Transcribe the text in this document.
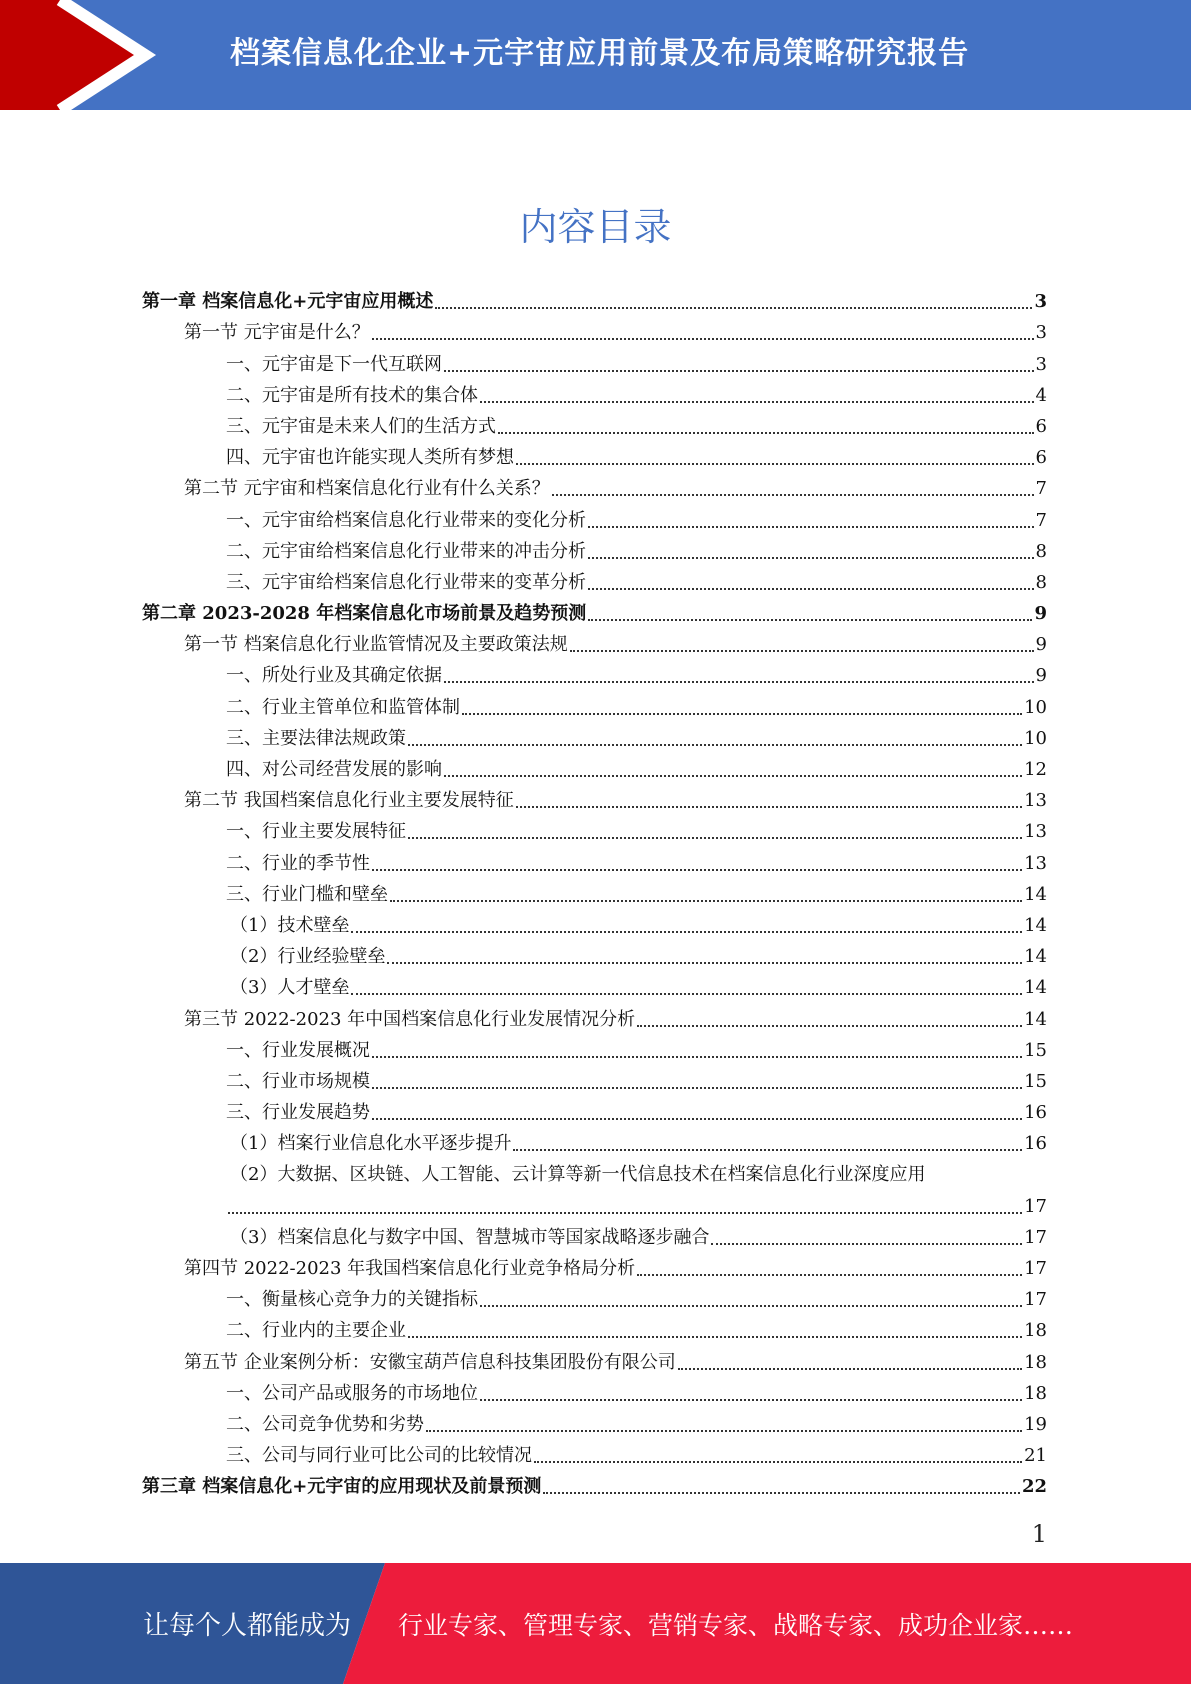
档案信息化企业+元宇宙应用前景及布局策略研究报告
内容目录
第一章 档案信息化+元宇宙应用概述	3
第一节 元宇宙是什么？	3
一、元宇宙是下一代互联网	3
二、元宇宙是所有技术的集合体	4
三、元宇宙是未来人们的生活方式	6
四、元宇宙也许能实现人类所有梦想	6
第二节 元宇宙和档案信息化行业有什么关系？	7
一、元宇宙给档案信息化行业带来的变化分析	7
二、元宇宙给档案信息化行业带来的冲击分析	8
三、元宇宙给档案信息化行业带来的变革分析	8
第二章 2023-2028 年档案信息化市场前景及趋势预测	9
第一节 档案信息化行业监管情况及主要政策法规	9
一、所处行业及其确定依据	9
二、行业主管单位和监管体制	10
三、主要法律法规政策	10
四、对公司经营发展的影响	12
第二节 我国档案信息化行业主要发展特征	13
一、行业主要发展特征	13
二、行业的季节性	13
三、行业门槛和壁垒	14
（1）技术壁垒	14
（2）行业经验壁垒	14
（3）人才壁垒	14
第三节 2022-2023 年中国档案信息化行业发展情况分析	14
一、行业发展概况	15
二、行业市场规模	15
三、行业发展趋势	16
（1）档案行业信息化水平逐步提升	16
（2）大数据、区块链、人工智能、云计算等新一代信息技术在档案信息化行业深度应用
17
（3）档案信息化与数字中国、智慧城市等国家战略逐步融合	17
第四节 2022-2023 年我国档案信息化行业竞争格局分析	17
一、衡量核心竞争力的关键指标	17
二、行业内的主要企业	18
第五节 企业案例分析：安徽宝葫芦信息科技集团股份有限公司	18
一、公司产品或服务的市场地位	18
二、公司竞争优势和劣势	19
三、公司与同行业可比公司的比较情况	21
第三章 档案信息化+元宇宙的应用现状及前景预测	22
1
让每个人都能成为 行业专家、管理专家、营销专家、战略专家、成功企业家……
